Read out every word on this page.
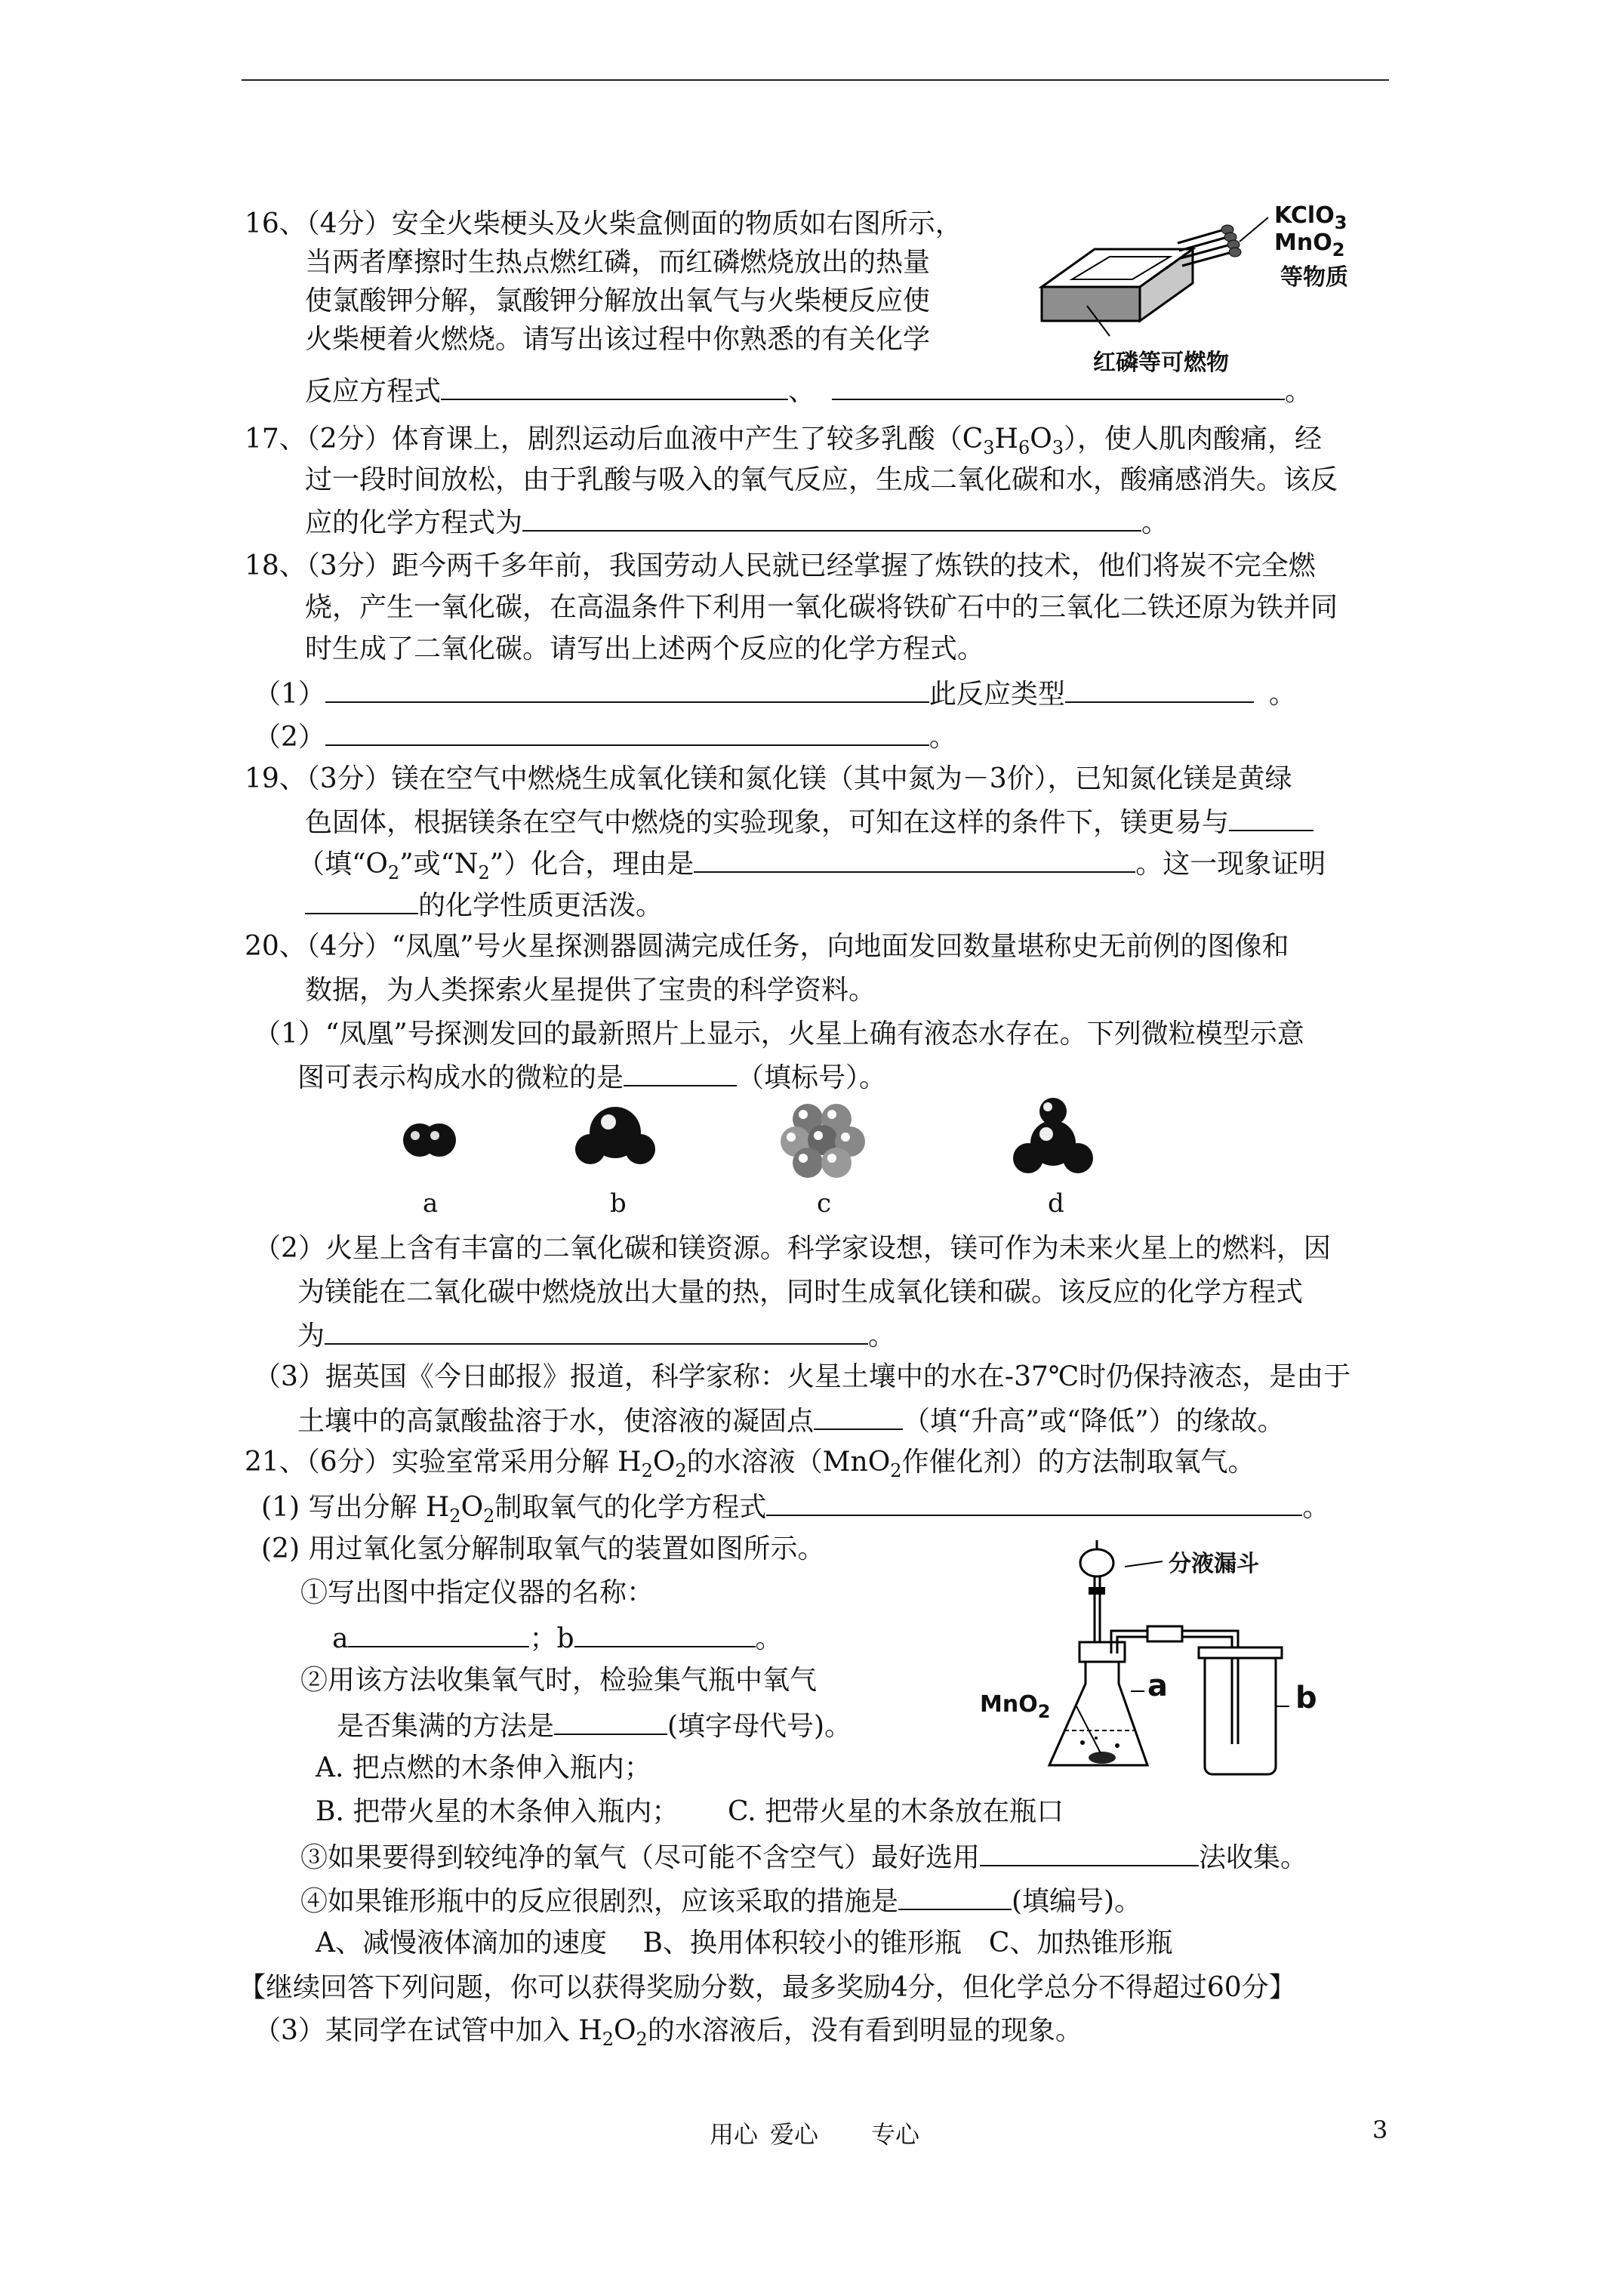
16、（4分）安全火柴梗头及火柴盒侧面的物质如右图所示，
当两者摩擦时生热点燃红磷，而红磷燃烧放出的热量
使氯酸钾分解，氯酸钾分解放出氧气与火柴梗反应使
火柴梗着火燃烧。请写出该过程中你熟悉的有关化学
反应方程式	、	。
KClO$_3$
MnO$_2$
等物质
红磷等可燃物
17、（2分）体育课上，剧烈运动后血液中产生了较多乳酸$(C_3H_6O_3)$，使人肌肉酸痛，经
过一段时间放松，由于乳酸与吸入的氧气反应，生成二氧化碳和水，酸痛感消失。该反
应的化学方程式为	。
18、（3分）距今两千多年前，我国劳动人民就已经掌握了炼铁的技术，他们将炭不完全燃
烧，产生一氧化碳，在高温条件下利用一氧化碳将铁矿石中的三氧化二铁还原为铁并同
时生成了二氧化碳。请写出上述两个反应的化学方程式。
（1）	此反应类型	。
（2）	。
19、（3分）镁在空气中燃烧生成氧化镁和氮化镁（其中氮为－3价），已知氮化镁是黄绿
色固体，根据镁条在空气中燃烧的实验现象，可知在这样的条件下，镁更易与
（填“$O_2$”或“$N_2$”）化合，理由是	。这一现象证明
的化学性质更活泼。
20、（4分）“凤凰”号火星探测器圆满完成任务，向地面发回数量堪称史无前例的图像和
数据，为人类探索火星提供了宝贵的科学资料。
（1）“凤凰”号探测发回的最新照片上显示，火星上确有液态水存在。下列微粒模型示意
图可表示构成水的微粒的是	（填标号）。
a	b	c	d
（2）火星上含有丰富的二氧化碳和镁资源。科学家设想，镁可作为未来火星上的燃料，因
为镁能在二氧化碳中燃烧放出大量的热，同时生成氧化镁和碳。该反应的化学方程式
为	。
（3）据英国《今日邮报》报道，科学家称：火星土壤中的水在-37℃时仍保持液态，是由于
土壤中的高氯酸盐溶于水，使溶液的凝固点	（填“升高”或“降低”）的缘故。
21、（6分）实验室常采用分解 $H_2O_2$的水溶液（MnO$_2$作催化剂）的方法制取氧气。
(1) 写出分解 $H_2O_2$制取氧气的化学方程式	。
(2) 用过氧化氢分解制取氧气的装置如图所示。
①写出图中指定仪器的名称：
a	；b	。
②用该方法收集氧气时，检验集气瓶中氧气
是否集满的方法是	(填字母代号)。
A. 把点燃的木条伸入瓶内；
B. 把带火星的木条伸入瓶内； C. 把带火星的木条放在瓶口
③如果要得到较纯净的氧气（尽可能不含空气）最好选用	法收集。
④如果锥形瓶中的反应很剧烈，应该采取的措施是	(填编号)。
A、减慢液体滴加的速度　 B、换用体积较小的锥形瓶　C、加热锥形瓶
分液漏斗
MnO$_2$
a	b
【继续回答下列问题，你可以获得奖励分数，最多奖励4分，但化学总分不得超过60分】
（3）某同学在试管中加入 $H_2O_2$的水溶液后，没有看到明显的现象。
用心 爱心 专心	3
